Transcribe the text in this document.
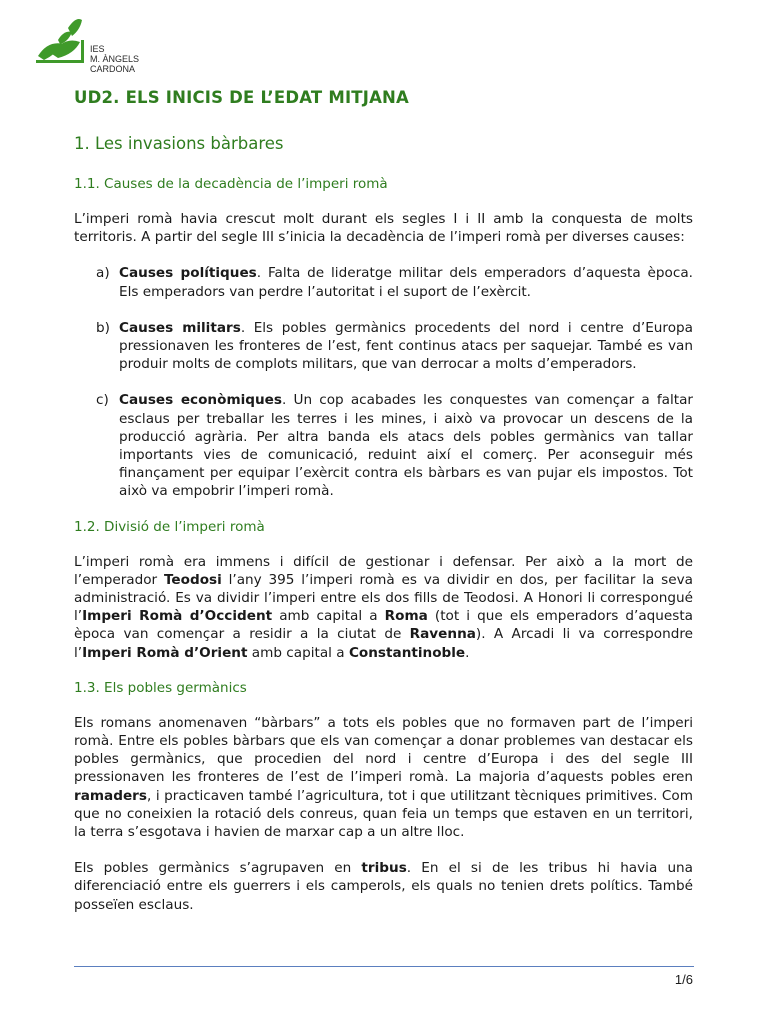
IES
M. ÀNGELS
CARDONA
UD2. ELS INICIS DE L’EDAT MITJANA
1. Les invasions bàrbares
1.1. Causes de la decadència de l’imperi romà

L’imperi romà havia crescut molt durant els segles I i II amb la conquesta de molts territoris. A partir del segle III s’inicia la decadència de l’imperi romà per diverses causes:

a) Causes polítiques. Falta de lideratge militar dels emperadors d’aquesta època. Els emperadors van perdre l’autoritat i el suport de l’exèrcit.

b) Causes militars. Els pobles germànics procedents del nord i centre d’Europa pressionaven les fronteres de l’est, fent continus atacs per saquejar. També es van produir molts de complots militars, que van derrocar a molts d’emperadors.

c) Causes econòmiques. Un cop acabades les conquestes van començar a faltar esclaus per treballar les terres i les mines, i això va provocar un descens de la producció agrària. Per altra banda els atacs dels pobles germànics van tallar importants vies de comunicació, reduint així el comerç. Per aconseguir més finançament per equipar l’exèrcit contra els bàrbars es van pujar els impostos. Tot això va empobrir l’imperi romà.

1.2. Divisió de l’imperi romà

L’imperi romà era immens i difícil de gestionar i defensar. Per això a la mort de l’emperador Teodosi l’any 395 l’imperi romà es va dividir en dos, per facilitar la seva administració. Es va dividir l’imperi entre els dos fills de Teodosi. A Honori li correspongué l’Imperi Romà d’Occident amb capital a Roma (tot i que els emperadors d’aquesta època van començar a residir a la ciutat de Ravenna). A Arcadi li va correspondre l’Imperi Romà d’Orient amb capital a Constantinoble.

1.3. Els pobles germànics

Els romans anomenaven “bàrbars” a tots els pobles que no formaven part de l’imperi romà. Entre els pobles bàrbars que els van començar a donar problemes van destacar els pobles germànics, que procedien del nord i centre d’Europa i des del segle III pressionaven les fronteres de l’est de l’imperi romà. La majoria d’aquests pobles eren ramaders, i practicaven també l’agricultura, tot i que utilitzant tècniques primitives. Com que no coneixien la rotació dels conreus, quan feia un temps que estaven en un territori, la terra s’esgotava i havien de marxar cap a un altre lloc.

Els pobles germànics s’agrupaven en tribus. En el si de les tribus hi havia una diferenciació entre els guerrers i els camperols, els quals no tenien drets polítics. També posseïen esclaus.

1/6
